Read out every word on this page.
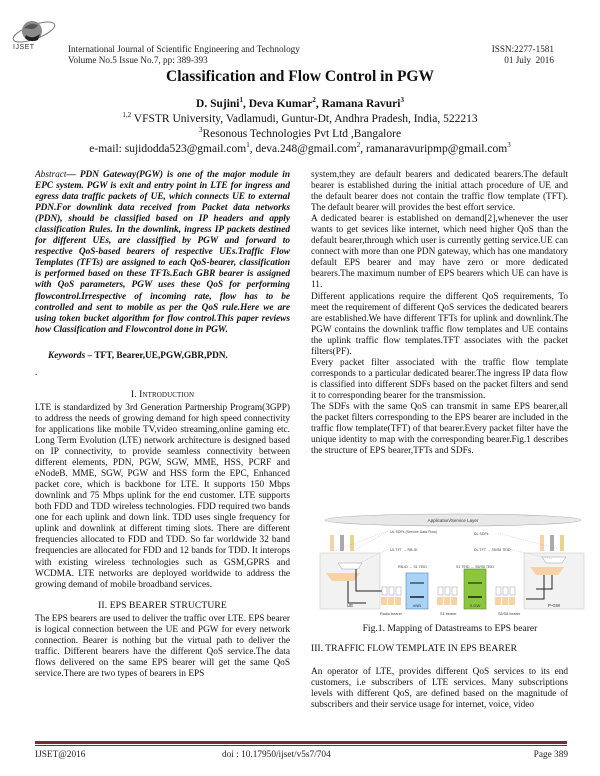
IJSET	International Journal of Scientific Engineering and Technology
Volume No.5 Issue No.7, pp: 389-393
ISSN:2277-1581
01 July  2016
Classification and Flow Control in PGW
D. Sujini$^1$, Deva Kumar$^2$, Ramana Ravuri$^3$
$^{1,2}$ VFSTR University, Vadlamudi, Guntur-Dt, Andhra Pradesh, India, 522213
$^3$Resonous Technologies Pvt Ltd ,Bangalore
e-mail: sujidodda523@gmail.com$^1$, deva.248@gmail.com$^2$, ramanaravuripmp@gmail.com$^3$

Abstract— PDN Gateway(PGW) is one of the major module in EPC system. PGW is exit and entry point in LTE for ingress and egress data traffic packets of UE, which connects UE to external PDN.For downlink data received from Packet data networks (PDN), should be classified based on IP headers and apply classification Rules. In the downlink, ingress IP packets destined for different UEs, are classiffied by PGW and forward to respective QoS-based bearers of respective UEs.Traffic Flow Templates (TFTs) are assigned to each QoS-bearer, classification is performed based on these TFTs.Each GBR bearer is assigned with QoS parameters, PGW uses these QoS for performing flowcontrol.Irrespective of incoming rate, flow has to be controlled and sent to mobile as per the QoS rule.Here we are using token bucket algorithm for flow control.This paper reviews how Classification and Flowcontrol done in PGW.

Keywords – TFT, Bearer,UE,PGW,GBR,PDN.

.

I. Introduction

LTE is standardized by 3rd Generation Partnership Program(3GPP) to address the needs of growing demand for high speed connectivity for applications like mobile TV,video streaming,online gaming etc. Long Term Evolution (LTE) network architecture is designed based on IP connectivity, to provide seamless connectivity between different elements, PDN, PGW, SGW, MME, HSS, PCRF and eNodeB. MME, SGW, PGW and HSS form the EPC, Enhanced packet core, which is backbone for LTE. It supports 150 Mbps downlink and 75 Mbps uplink for the end customer. LTE supports both FDD and TDD wireless technologies. FDD required two bands one for each uplink and down link. TDD uses single frequency for uplink and downlink at different timing slots. There are different frequencies allocated to FDD and TDD. So far worldwide 32 band frequencies are allocated for FDD and 12 bands for TDD. It interops with existing wireless technologies such as GSM,GPRS and WCDMA. LTE networks are deployed worldwide to address the growing demand of mobile broadband services.

II. EPS BEARER STRUCTURE

The EPS bearers are used to deliver the traffic over LTE. EPS bearer is logical connection between the UE and PGW for every network connection. Bearer is nothing but the virtual path to deliver the traffic. Different bearers have the different QoS service.The data flows delivered on the same EPS bearer will get the same QoS service.There are two types of bearers in EPS

system,they are default bearers and dedicated bearers.The default bearer is established during the initial attach procedure of UE and the default bearer does not contain the traffic flow template (TFT). The default bearer will provides the best effort service.

A dedicated bearer is established on demand[2],whenever the user wants to get sevices like internet, which need higher QoS than the default bearer,through which user is currently getting service.UE can connect with more than one PDN gateway, which has one mandatory default EPS bearer and may have zero or more dedicated bearers.The maximum number of EPS bearers which UE can have is 11.

Different applications require the different QoS requirements, To meet the requirement of different QoS services the dedicated bearers are established.We have different TFTs for uplink and downlink.The PGW contains the downlink traffic flow templates and UE contains the uplink traffic flow templates.TFT associates with the packet filters(PF).

Every packet filter associated with the traffic flow template corresponds to a particular dedicated bearer.The ingress IP data flow is classified into different SDFs based on the packet filters and send it to corresponding bearer for the transmission.

The SDFs with the same QoS can transmit in same EPS bearer,all the packet filters corresponding to the EPS bearer are included in the traffic flow template(TFT) of that bearer.Every packet filter have the unique identity to map with the corresponding bearer.Fig.1 describes the structure of EPS bearer,TFTs and SDFs.

Application/Service Layer
UL SDFs (Service Data Flow)
UL TFT → RB-ID
DL SDFs
DL TFT → S5/S8 TEID
RB-ID ↔ S1 TEID	S1 TEID ↔ S5/S8 TEID
UE	eNB	S-GW	P-GW
Radio bearer	S1 bearer	S5/S8 bearer
Fig.1. Mapping of Datastreams to EPS bearer
III. TRAFFIC FLOW TEMPLATE IN EPS BEARER
An operator of LTE, provides different QoS services to its end customers, i.e subscribers of LTE services. Many subscriptions levels with different QoS, are defined based on the magnitude of subscribers and their service usage for internet, voice, video
IJSET@2016	doi : 10.17950/ijset/v5s7/704	Page 389
